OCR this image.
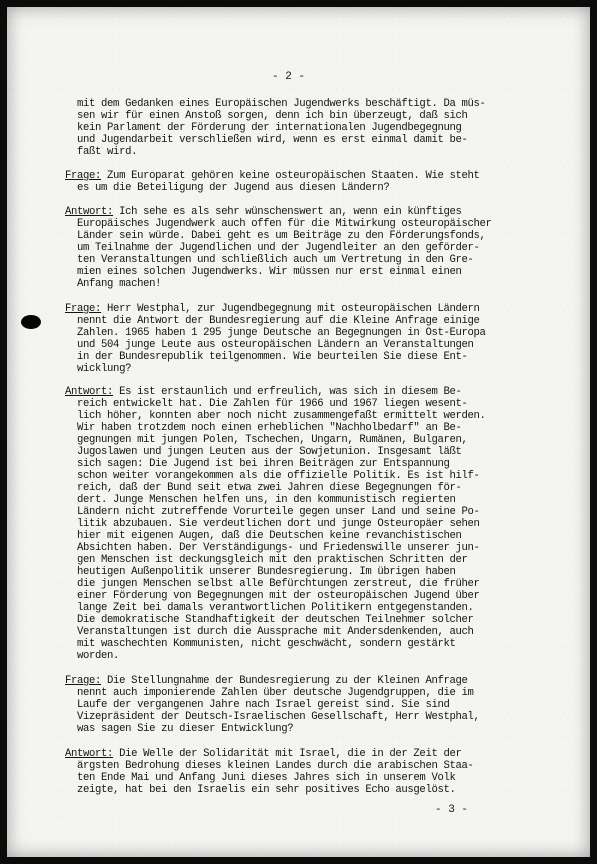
- 2 -
mit dem Gedanken eines Europäischen Jugendwerks beschäftigt. Da müs-
sen wir für einen Anstoß sorgen, denn ich bin überzeugt, daß sich
kein Parlament der Förderung der internationalen Jugendbegegnung
und Jugendarbeit verschließen wird, wenn es erst einmal damit be-
faßt wird.
Frage: Zum Europarat gehören keine osteuropäischen Staaten. Wie steht
es um die Beteiligung der Jugend aus diesen Ländern?
Antwort: Ich sehe es als sehr wünschenswert an, wenn ein künftiges
Europäisches Jugendwerk auch offen für die Mitwirkung osteuropäischer
Länder sein würde. Dabei geht es um Beiträge zu den Förderungsfonds,
um Teilnahme der Jugendlichen und der Jugendleiter an den geförder-
ten Veranstaltungen und schließlich auch um Vertretung in den Gre-
mien eines solchen Jugendwerks. Wir müssen nur erst einmal einen
Anfang machen!
Frage: Herr Westphal, zur Jugendbegegnung mit osteuropäischen Ländern
nennt die Antwort der Bundesregierung auf die Kleine Anfrage einige
Zahlen. 1965 haben 1 295 junge Deutsche an Begegnungen in Ost-Europa
und 504 junge Leute aus osteuropäischen Ländern an Veranstaltungen
in der Bundesrepublik teilgenommen. Wie beurteilen Sie diese Ent-
wicklung?
Antwort: Es ist erstaunlich und erfreulich, was sich in diesem Be-
reich entwickelt hat. Die Zahlen für 1966 und 1967 liegen wesent-
lich höher, konnten aber noch nicht zusammengefaßt ermittelt werden.
Wir haben trotzdem noch einen erheblichen "Nachholbedarf" an Be-
gegnungen mit jungen Polen, Tschechen, Ungarn, Rumänen, Bulgaren,
Jugoslawen und jungen Leuten aus der Sowjetunion. Insgesamt läßt
sich sagen: Die Jugend ist bei ihren Beiträgen zur Entspannung
schon weiter vorangekommen als die offizielle Politik. Es ist hilf-
reich, daß der Bund seit etwa zwei Jahren diese Begegnungen för-
dert. Junge Menschen helfen uns, in den kommunistisch regierten
Ländern nicht zutreffende Vorurteile gegen unser Land und seine Po-
litik abzubauen. Sie verdeutlichen dort und junge Osteuropäer sehen
hier mit eigenen Augen, daß die Deutschen keine revanchistischen
Absichten haben. Der Verständigungs- und Friedenswille unserer jun-
gen Menschen ist deckungsgleich mit den praktischen Schritten der
heutigen Außenpolitik unserer Bundesregierung. Im übrigen haben
die jungen Menschen selbst alle Befürchtungen zerstreut, die früher
einer Förderung von Begegnungen mit der osteuropäischen Jugend über
lange Zeit bei damals verantwortlichen Politikern entgegenstanden.
Die demokratische Standhaftigkeit der deutschen Teilnehmer solcher
Veranstaltungen ist durch die Aussprache mit Andersdenkenden, auch
mit waschechten Kommunisten, nicht geschwächt, sondern gestärkt
worden.
Frage: Die Stellungnahme der Bundesregierung zu der Kleinen Anfrage
nennt auch imponierende Zahlen über deutsche Jugendgruppen, die im
Laufe der vergangenen Jahre nach Israel gereist sind. Sie sind
Vizepräsident der Deutsch-Israelischen Gesellschaft, Herr Westphal,
was sagen Sie zu dieser Entwicklung?
Antwort: Die Welle der Solidarität mit Israel, die in der Zeit der
ärgsten Bedrohung dieses kleinen Landes durch die arabischen Staa-
ten Ende Mai und Anfang Juni dieses Jahres sich in unserem Volk
zeigte, hat bei den Israelis ein sehr positives Echo ausgelöst.
- 3 -
